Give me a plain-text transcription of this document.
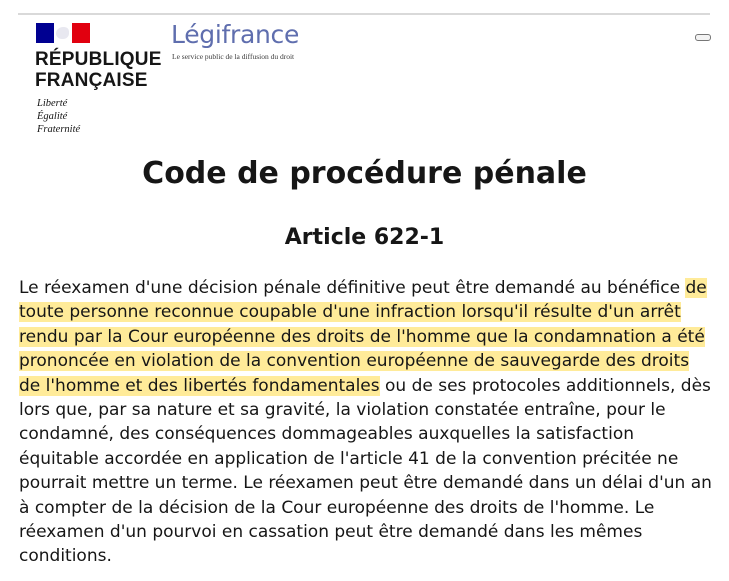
RÉPUBLIQUE
FRANÇAISE
Liberté
Égalité
Fraternité
Légifrance
Le service public de la diffusion du droit
Code de procédure pénale
Article 622-1

Le réexamen d'une décision pénale définitive peut être demandé au bénéfice de toute personne reconnue coupable d'une infraction lorsqu'il résulte d'un arrêt rendu par la Cour européenne des droits de l'homme que la condamnation a été prononcée en violation de la convention européenne de sauvegarde des droits de l'homme et des libertés fondamentales ou de ses protocoles additionnels, dès lors que, par sa nature et sa gravité, la violation constatée entraîne, pour le condamné, des conséquences dommageables auxquelles la satisfaction équitable accordée en application de l'article 41 de la convention précitée ne pourrait mettre un terme. Le réexamen peut être demandé dans un délai d'un an à compter de la décision de la Cour européenne des droits de l'homme. Le réexamen d'un pourvoi en cassation peut être demandé dans les mêmes conditions.
